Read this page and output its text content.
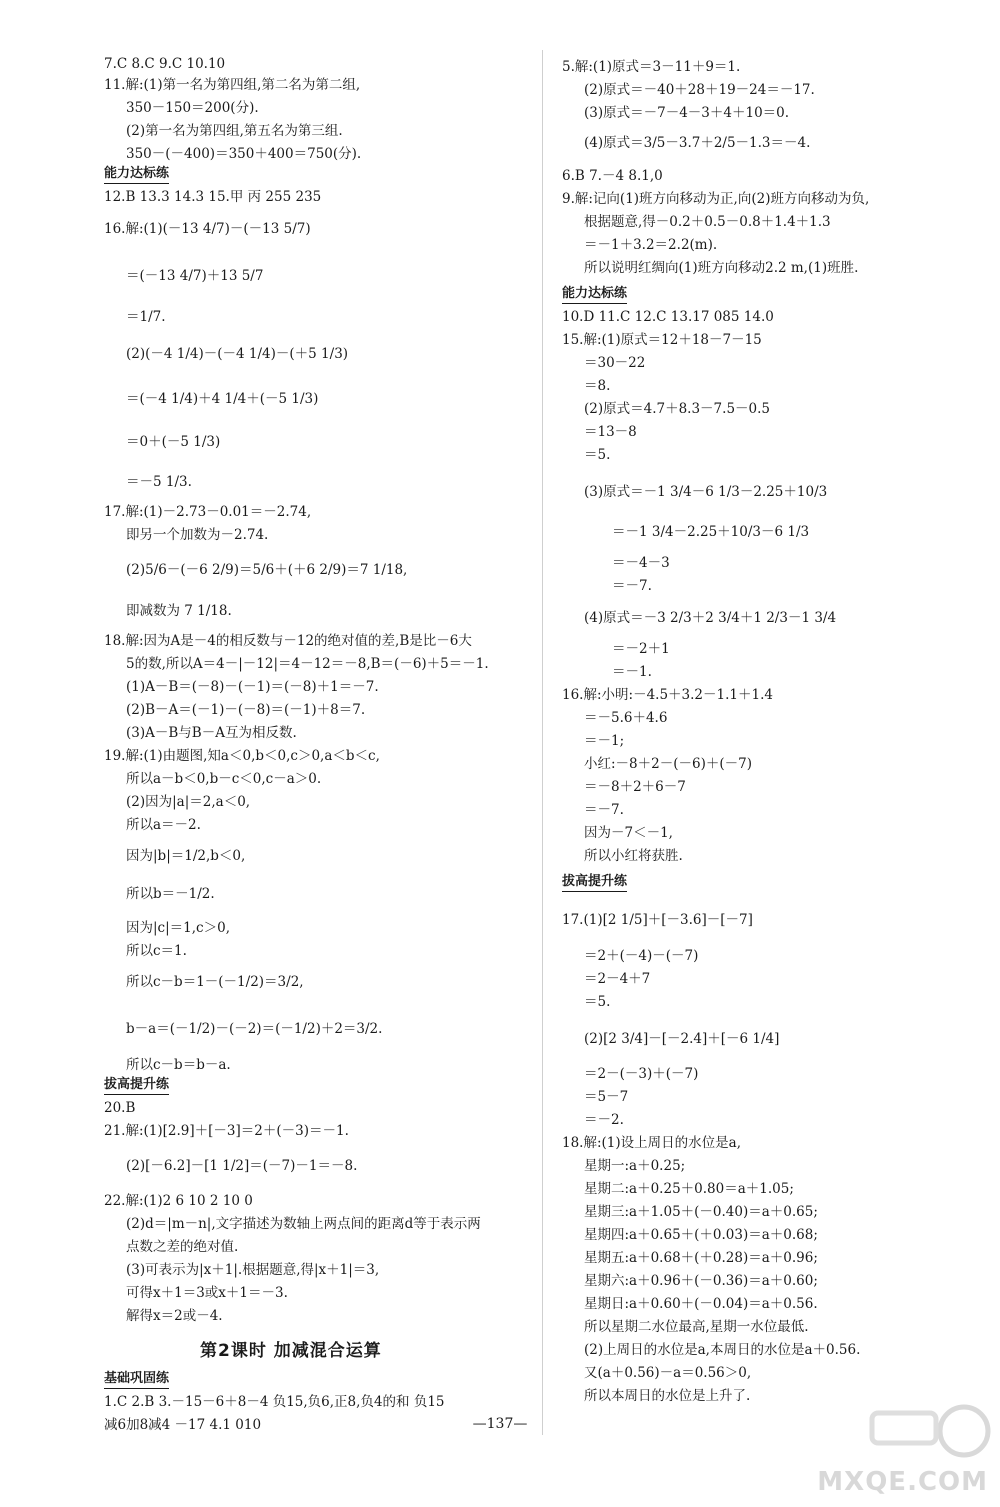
7.C 8.C 9.C 10.10
11.解:(1)第一名为第四组,第二名为第二组,
350－150＝200(分).
(2)第一名为第四组,第五名为第三组.
350－(－400)＝350＋400＝750(分).
能力达标练
12.B 13.3 14.3 15.甲 丙 255 235
16.解:(1)(－13 4/7)－(－13 5/7)
＝(－13 4/7)＋13 5/7
＝1/7.
(2)(－4 1/4)－(－4 1/4)－(＋5 1/3)
＝(－4 1/4)＋4 1/4＋(－5 1/3)
＝0＋(－5 1/3)
＝－5 1/3.
17.解:(1)－2.73－0.01＝－2.74,
即另一个加数为－2.74.
(2)5/6－(－6 2/9)＝5/6＋(＋6 2/9)＝7 1/18,
即减数为 7 1/18.
18.解:因为A是－4的相反数与－12的绝对值的差,B是比－6大
5的数,所以A＝4－|－12|＝4－12＝－8,B＝(－6)＋5＝－1.
(1)A－B＝(－8)－(－1)＝(－8)＋1＝－7.
(2)B－A＝(－1)－(－8)＝(－1)＋8＝7.
(3)A－B与B－A互为相反数.
19.解:(1)由题图,知a＜0,b＜0,c＞0,a＜b＜c,
所以a－b＜0,b－c＜0,c－a＞0.
(2)因为|a|＝2,a＜0,
所以a＝－2.
因为|b|＝1/2,b＜0,
所以b＝－1/2.
因为|c|＝1,c＞0,
所以c＝1.
所以c－b＝1－(－1/2)＝3/2,
b－a＝(－1/2)－(－2)＝(－1/2)＋2＝3/2.
所以c－b＝b－a.
拔高提升练
20.B
21.解:(1)[2.9]＋[－3]＝2＋(－3)＝－1.
(2)[－6.2]－[1 1/2]＝(－7)－1＝－8.
22.解:(1)2 6 10 2 10 0
(2)d＝|m－n|,文字描述为数轴上两点间的距离d等于表示两
点数之差的绝对值.
(3)可表示为|x＋1|.根据题意,得|x＋1|＝3,
可得x＋1＝3或x＋1＝－3.
解得x＝2或－4.
基础巩固练
1.C 2.B 3.－15－6＋8－4 负15,负6,正8,负4的和 负15
减6加8减4 －17 4.1 010
第2课时 加减混合运算
5.解:(1)原式＝3－11＋9＝1.
(2)原式＝－40＋28＋19－24＝－17.
(3)原式＝－7－4－3＋4＋10＝0.
(4)原式＝3/5－3.7＋2/5－1.3＝－4.
6.B 7.－4 8.1,0
9.解:记向(1)班方向移动为正,向(2)班方向移动为负,
根据题意,得－0.2＋0.5－0.8＋1.4＋1.3
＝－1＋3.2＝2.2(m).
所以说明红绸向(1)班方向移动2.2 m,(1)班胜.
能力达标练
10.D 11.C 12.C 13.17 085 14.0
15.解:(1)原式＝12＋18－7－15
＝30－22
＝8.
(2)原式＝4.7＋8.3－7.5－0.5
＝13－8
＝5.
(3)原式＝－1 3/4－6 1/3－2.25＋10/3
＝－1 3/4－2.25＋10/3－6 1/3
＝－4－3
＝－7.
(4)原式＝－3 2/3＋2 3/4＋1 2/3－1 3/4
＝－2＋1
＝－1.
16.解:小明:－4.5＋3.2－1.1＋1.4
＝－5.6＋4.6
＝－1;
小红:－8＋2－(－6)＋(－7)
＝－8＋2＋6－7
＝－7.
因为－7＜－1,
所以小红将获胜.
拔高提升练
17.(1)[2 1/5]＋[－3.6]－[－7]
＝2＋(－4)－(－7)
＝2－4＋7
＝5.
(2)[2 3/4]－[－2.4]＋[－6 1/4]
＝2－(－3)＋(－7)
＝5－7
＝－2.
18.解:(1)设上周日的水位是a,
星期一:a＋0.25;
星期二:a＋0.25＋0.80＝a＋1.05;
星期三:a＋1.05＋(－0.40)＝a＋0.65;
星期四:a＋0.65＋(＋0.03)＝a＋0.68;
星期五:a＋0.68＋(＋0.28)＝a＋0.96;
星期六:a＋0.96＋(－0.36)＝a＋0.60;
星期日:a＋0.60＋(－0.04)＝a＋0.56.
所以星期二水位最高,星期一水位最低.
(2)上周日的水位是a,本周日的水位是a＋0.56.
又(a＋0.56)－a＝0.56＞0,
所以本周日的水位是上升了.
—137—
MXQE.COM
